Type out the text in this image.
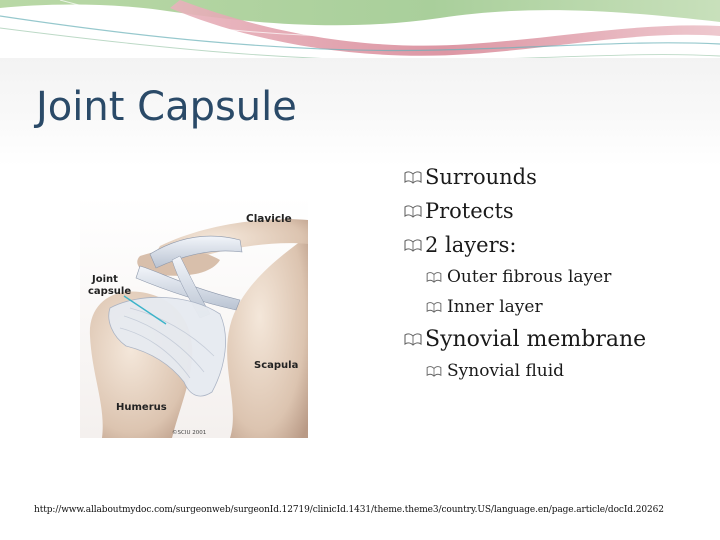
Joint Capsule
Clavicle
Joint
capsule
Scapula
Humerus
©SCIU 2001
Surrounds
Protects
2 layers:
Outer fibrous layer
Inner layer
Synovial membrane
Synovial fluid
http://www.allaboutmydoc.com/surgeonweb/surgeonId.12719/clinicId.1431/theme.theme3/country.US/language.en/page.article/docId.20262
